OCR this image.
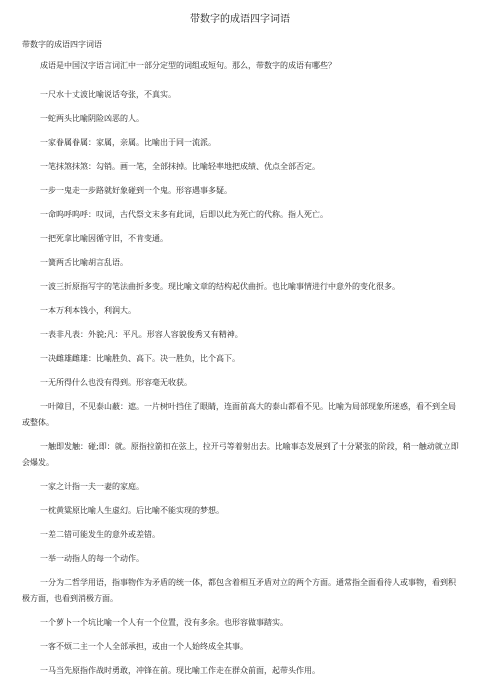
带数字的成语四字词语

带数字的成语四字词语

成语是中国汉字语言词汇中一部分定型的词组或短句。那么，带数字的成语有哪些？

一尺水十丈波比喻说话夸张，不真实。
一蛇两头比喻阴险凶恶的人。
一家眷属眷属：家属，亲属。比喻出于同一流派。
一笔抹煞抹煞：勾销。画一笔，全部抹掉。比喻轻率地把成绩、优点全部否定。
一步一鬼走一步路就好象碰到一个鬼。形容遇事多疑。
一命呜呼呜呼：叹词，古代祭文末多有此词，后即以此为死亡的代称。指人死亡。
一把死拿比喻因循守旧，不肯变通。
一簧两舌比喻胡言乱语。
一波三折原指写字的笔法曲折多变。现比喻文章的结构起伏曲折。也比喻事情进行中意外的变化很多。
一本万利本钱小，利润大。
一表非凡表：外貌;凡：平凡。形容人容貌俊秀又有精神。
一决雌雄雌雄：比喻胜负、高下。决一胜负，比个高下。
一无所得什么也没有得到。形容毫无收获。
一叶障目，不见泰山蔽：遮。一片树叶挡住了眼睛，连面前高大的泰山都看不见。比喻为局部现象所迷惑，看不到全局或整体。
一触即发触：碰;即：就。原指拉箭扣在弦上，拉开弓等着射出去。比喻事态发展到了十分紧张的阶段，稍一触动就立即会爆发。
一家之计指一夫一妻的家庭。
一枕黄粱原比喻人生虚幻。后比喻不能实现的梦想。
一差二错可能发生的意外或差错。
一举一动指人的每一个动作。
一分为二哲学用语，指事物作为矛盾的统一体，都包含着相互矛盾对立的两个方面。通常指全面看待人或事物，看到积极方面，也看到消极方面。
一个萝卜一个坑比喻一个人有一个位置，没有多余。也形容做事踏实。
一客不烦二主一个人全部承担，或由一个人始终成全其事。
一马当先原指作战时勇敢，冲锋在前。现比喻工作走在群众前面，起带头作用。
